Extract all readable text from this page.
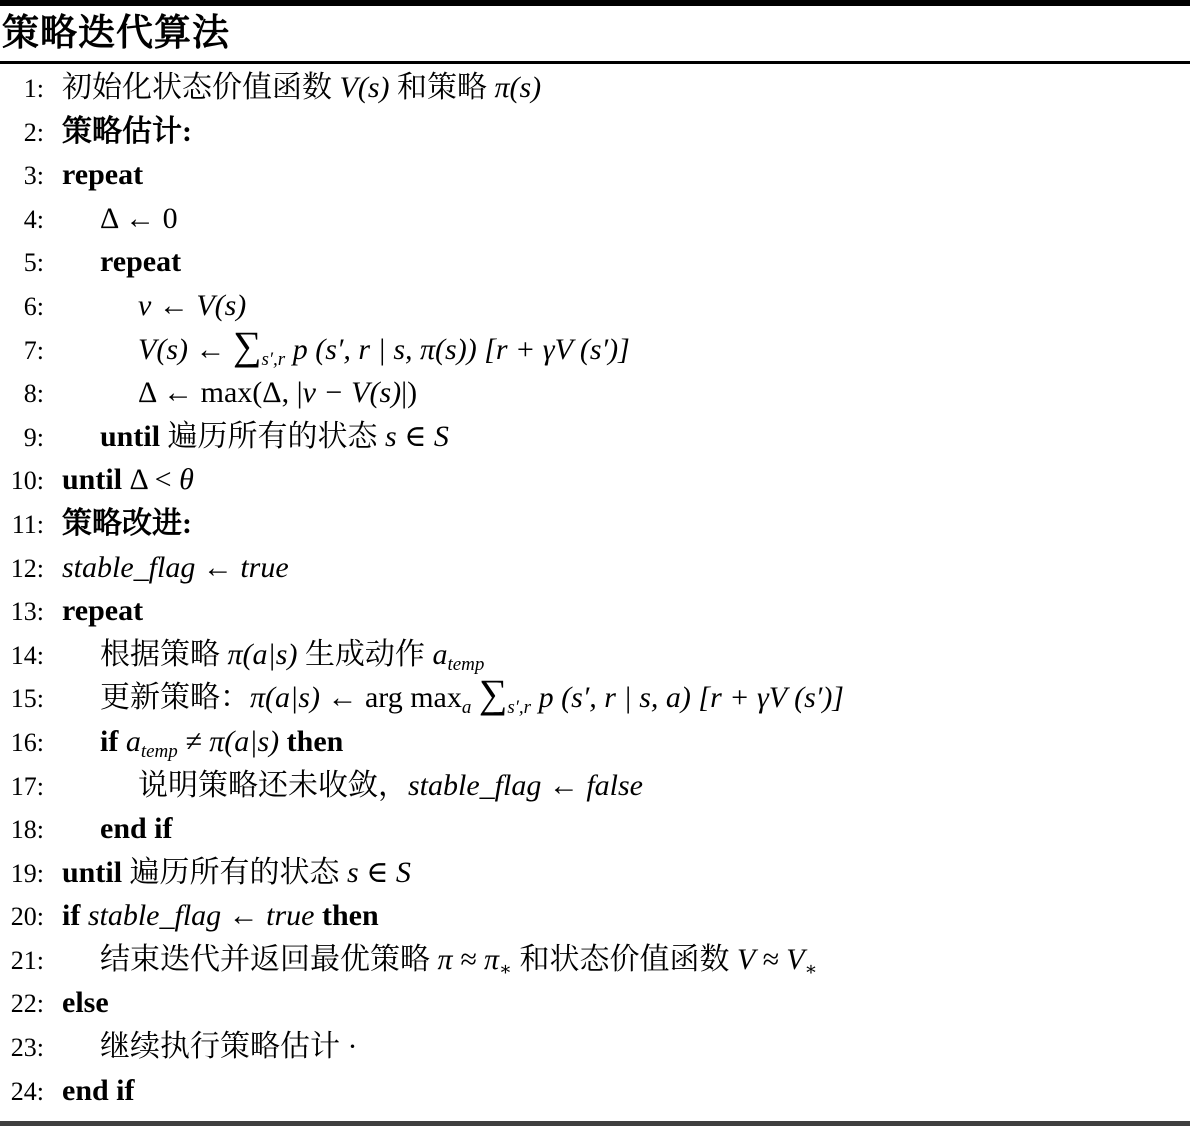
策略迭代算法
1: 初始化状态价值函数 V(s) 和策略 π(s)
2: 策略估计:
3: repeat
4: Δ ← 0
5: repeat
6:	v ← V(s)
7:	V(s) ← $\sum_{s',r}$ p (s′, r | s, π(s)) [r + γV (s′)]
8:	Δ ← max(Δ, |v − V(s)|)
9: until 遍历所有的状态 s ∈ S
10: until Δ < θ
11: 策略改进:
12: stable_flag ← true
13: repeat
14: 根据策略 π(a|s) 生成动作 $a_{temp}$
15: 更新策略：π(a|s) ← arg $\max_a \sum_{s',r}$ p (s′, r | s, a) [r + γV (s′)]
16: if $a_{temp} \ne \pi(a|s)$ then
17:	说明策略还未收敛，stable_flag ← false
18: end if
19: until 遍历所有的状态 s ∈ S
20: if stable_flag ← true then
21: 结束迭代并返回最优策略 $\pi \approx \pi_∗$ 和状态价值函数 $V \approx V_∗$
22: else
23: 继续执行策略估计 ·
24: end if
